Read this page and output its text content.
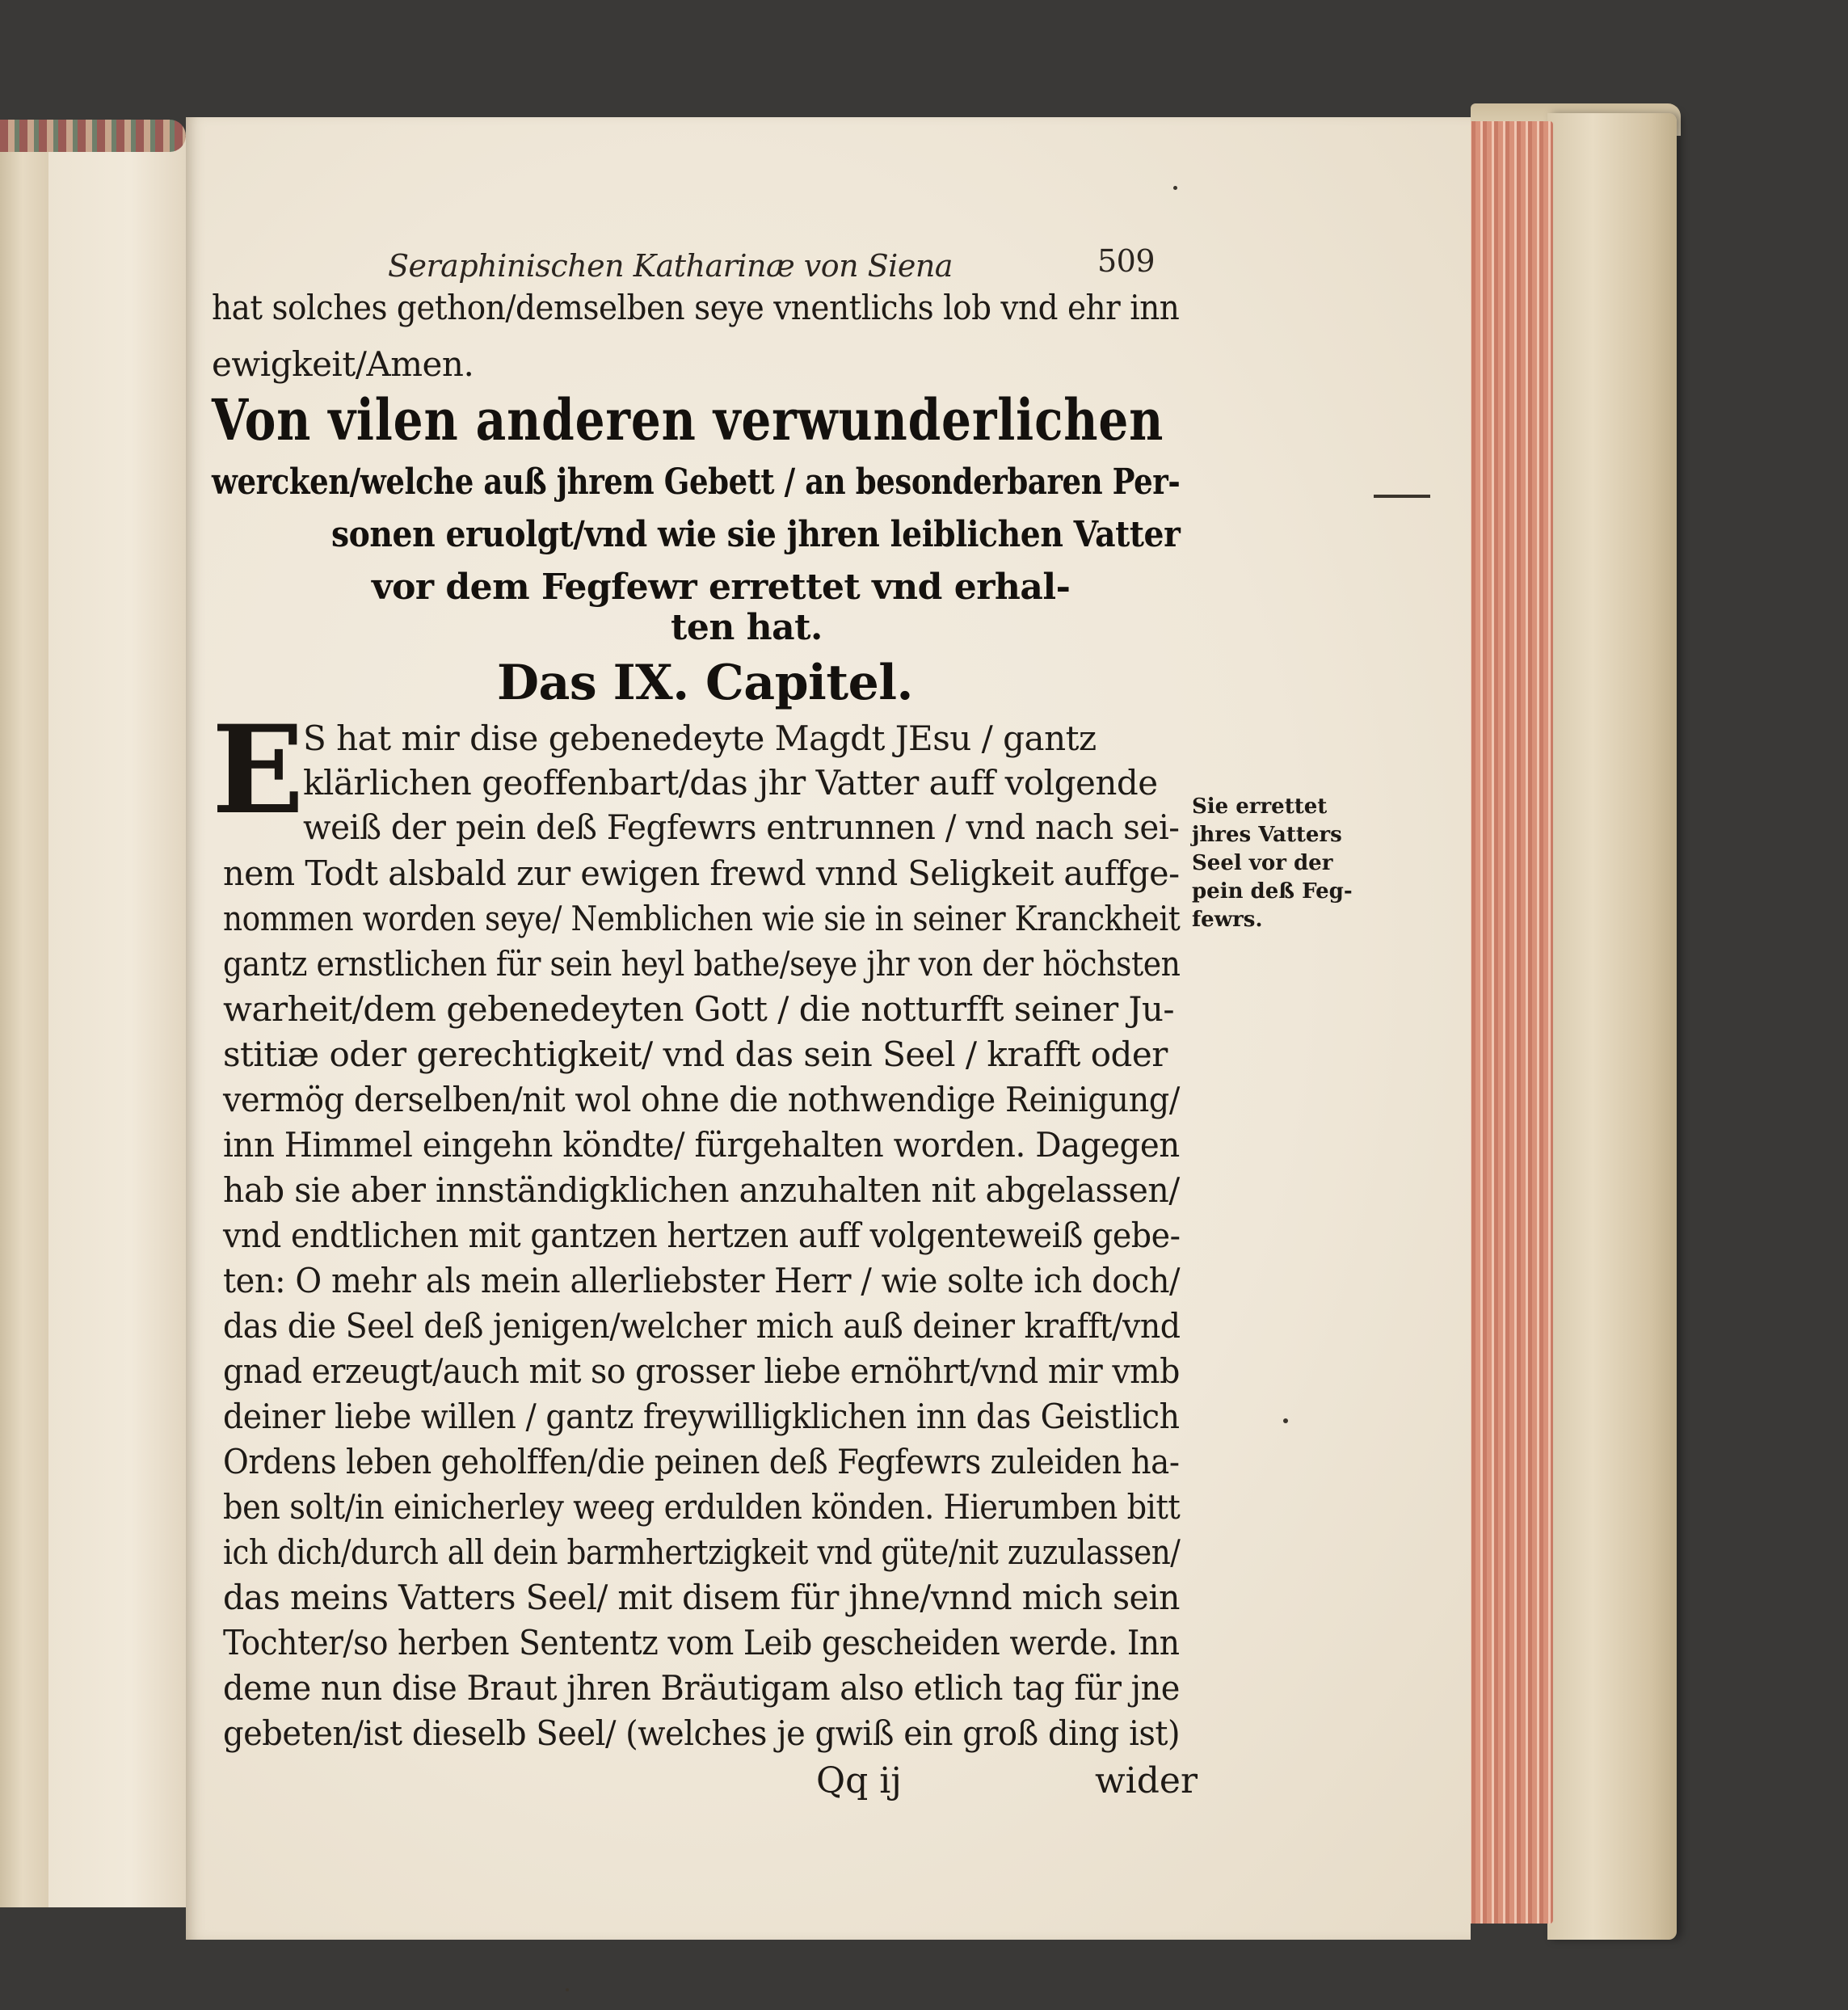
Seraphinischen Katharinæ von Siena	509

hat solches gethon/demselben seye vnentlichs lob vnd ehr inn

ewigkeit/Amen.

Von vilen anderen verwunderlichen

wercken/welche auß jhrem Gebett / an besonderbaren Per-

sonen eruolgt/vnd wie sie jhren leiblichen Vatter

vor dem Fegfewr errettet vnd erhal-

ten hat.

Das IX. Capitel.

E

S hat mir dise gebenedeyte Magdt JEsu / gantz

klärlichen geoffenbart/das jhr Vatter auff volgende

weiß der pein deß Fegfewrs entrunnen / vnd nach sei-

nem Todt alsbald zur ewigen frewd vnnd Seligkeit auffge-

nommen worden seye/ Nemblichen wie sie in seiner Kranckheit

gantz ernstlichen für sein heyl bathe/seye jhr von der höchsten

warheit/dem gebenedeyten Gott / die notturfft seiner Ju-

stitiæ oder gerechtigkeit/ vnd das sein Seel / krafft oder

vermög derselben/nit wol ohne die nothwendige Reinigung/

inn Himmel eingehn köndte/ fürgehalten worden. Dagegen

hab sie aber innständigklichen anzuhalten nit abgelassen/

vnd endtlichen mit gantzen hertzen auff volgenteweiß gebe-

ten: O mehr als mein allerliebster Herr / wie solte ich doch/

das die Seel deß jenigen/welcher mich auß deiner krafft/vnd

gnad erzeugt/auch mit so grosser liebe ernöhrt/vnd mir vmb

deiner liebe willen / gantz freywilligklichen inn das Geistlich

Ordens leben geholffen/die peinen deß Fegfewrs zuleiden ha-

ben solt/in einicherley weeg erdulden könden. Hierumben bitt

ich dich/durch all dein barmhertzigkeit vnd güte/nit zuzulassen/

das meins Vatters Seel/ mit disem für jhne/vnnd mich sein

Tochter/so herben Sententz vom Leib gescheiden werde. Inn

deme nun dise Braut jhren Bräutigam also etlich tag für jne

gebeten/ist dieselb Seel/ (welches je gwiß ein groß ding ist)

Qq ij	wider

Sie errettet

jhres Vatters

Seel vor der

pein deß Feg-

fewrs.
